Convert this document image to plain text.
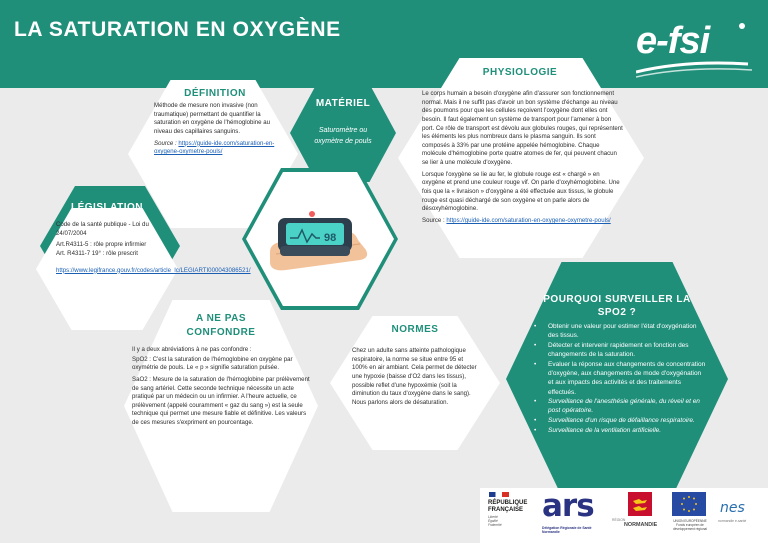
LA SATURATION EN OXYGÈNE	e-fsi
DÉFINITION

Méthode de mesure non invasive (non traumatique) permettant de quantifier la saturation en oxygène de l'hémoglobine au niveau des capillaires sanguins.

Source : https://guide-ide.com/saturation-en-oxygene-oxymetre-pouls/
MATÉRIEL
Saturomètre ou oxymètre de pouls
PHYSIOLOGIE

Le corps humain a besoin d'oxygène afin d'assurer son fonctionnement normal. Mais il ne suffit pas d'avoir un bon système d'échange au niveau des poumons pour que les cellules reçoivent l'oxygène dont elles ont besoin. Il faut également un système de transport pour l'amener à bon port. Ce rôle de transport est dévolu aux globules rouges, qui représentent les éléments les plus nombreux dans le plasma sanguin. Ils sont composés à 33% par une protéine appelée hémoglobine. Chaque molécule d'hémoglobine porte quatre atomes de fer, qui peuvent chacun se lier à une molécule d'oxygène.

Lorsque l'oxygène se lie au fer, le globule rouge est « chargé » en oxygène et prend une couleur rouge vif. On parle d'oxyhémoglobine. Une fois que la « livraison » d'oxygène a été effectuée aux tissus, le globule rouge est quasi déchargé de son oxygène et on parle alors de désoxyhémoglobine.

Source : https://guide-ide.com/saturation-en-oxygene-oxymetre-pouls/
LÉGISLATION

Code de la santé publique - Loi du 24/07/2004

Art.R4311-5 : rôle propre infirmier

Art. R4311-7 19° : rôle prescrit

https://www.legifrance.gouv.fr/codes/article_lc/LEGIARTI000043086521/

98
A NE PAS CONFONDRE

Il y a deux abréviations à ne pas confondre :

SpO2 : C'est la saturation de l'hémoglobine en oxygène par oxymétrie de pouls. Le « p » signifie saturation pulsée.

SaO2 : Mesure de la saturation de l'hémoglobine par prélèvement de sang artériel. Cette seconde technique nécessite un acte pratiqué par un médecin ou un infirmier. A l'heure actuelle, ce prélèvement (appelé couramment « gaz du sang ») est la seule technique qui permet une mesure fiable et définitive. Les valeurs de ces mesures s'expriment en pourcentage.

NORMES
Chez un adulte sans atteinte pathologique respiratoire, la norme se situe entre 95 et 100% en air ambiant. Cela permet de détecter une hypoxie (baisse d'O2 dans les tissus), possible reflet d'une hypoxémie (soit la diminution du taux d'oxygène dans le sang). Nous parlons alors de désaturation.
POURQUOI SURVEILLER LA SPO2 ?
• Obtenir une valeur pour estimer l'état d'oxygénation des tissus.
• Détecter et intervenir rapidement en fonction des changements de la saturation.
• Evaluer la réponse aux changements de concentration d'oxygène, aux changements de mode d'oxygénation et aux impacts des activités et des traitements effectués.
• Surveillance de l'anesthésie générale, du réveil et en post opératoire.
• Surveillance d'un risque de défaillance respiratoire.
• Surveillance de la ventilation artificielle.
RÉPUBLIQUE
FRANÇAISE
Liberté
Égalité
Fraternité
ars
Délégation Régionale de Santé
Normandie
RÉGION
NORMANDIE
UNION EUROPÉENNE
Fonds européen de
développement régional
nes
normandie e-santé
